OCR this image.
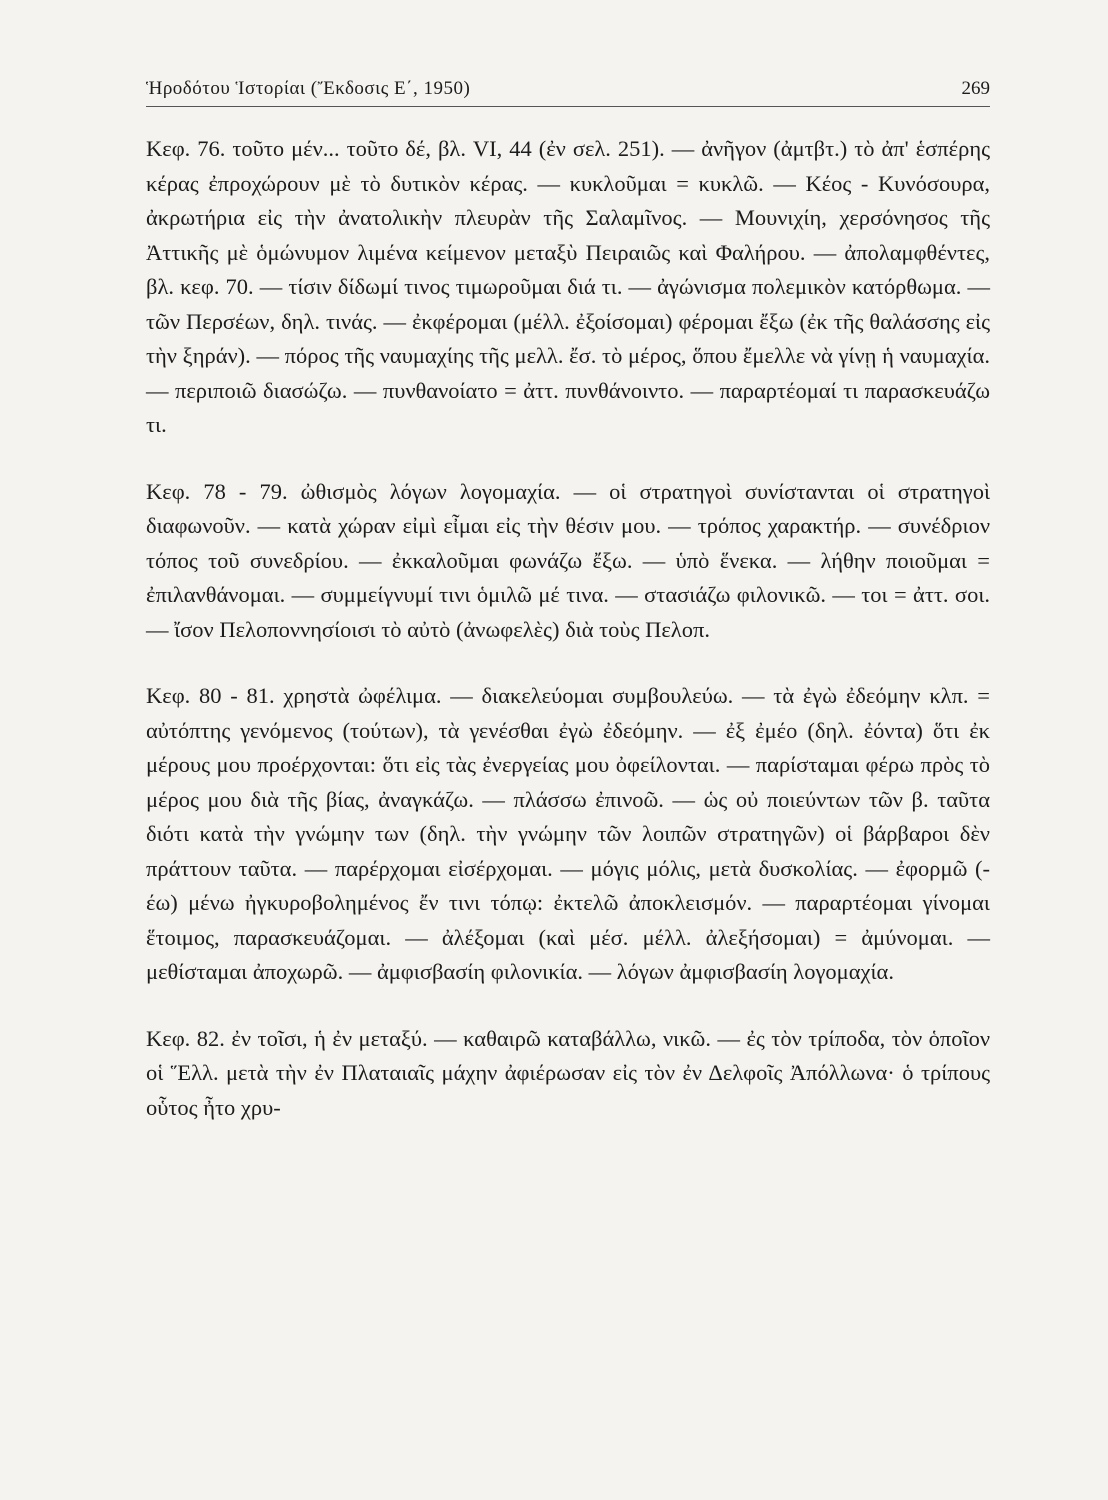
Ἡροδότου Ἱστορίαι (Ἔκδοσις Ε΄, 1950)	269

Κεφ. 76. τοῦτο μέν... τοῦτο δέ, βλ. VI, 44 (ἐν σελ. 251). — ἀνῆγον (ἀμτβτ.) τὸ ἀπ' ἑσπέρης κέρας ἐπροχώρουν μὲ τὸ δυτικὸν κέρας. — κυκλοῦμαι = κυκλῶ. — Κέος - Κυνόσουρα, ἀκρωτήρια εἰς τὴν ἀνατολικὴν πλευρὰν τῆς Σαλαμῖνος. — Μουνιχίη, χερσόνησος τῆς Ἀττικῆς μὲ ὁμώνυμον λιμένα κείμενον μεταξὺ Πειραιῶς καὶ Φαλήρου. — ἀπολαμφθέντες, βλ. κεφ. 70. — τίσιν δίδωμί τινος τιμωροῦμαι διά τι. — ἀγώνισμα πολεμικὸν κατόρθωμα. — τῶν Περσέων, δηλ. τινάς. — ἐκφέρομαι (μέλλ. ἐξοίσομαι) φέρομαι ἔξω (ἐκ τῆς θαλάσσης εἰς τὴν ξηράν). — πόρος τῆς ναυμαχίης τῆς μελλ. ἔσ. τὸ μέρος, ὅπου ἔμελλε νὰ γίνῃ ἡ ναυμαχία. — περιποιῶ διασώζω. — πυνθανοίατο = ἀττ. πυνθάνοιντο. — παραρτέομαί τι παρασκευάζω τι.

Κεφ. 78 - 79. ὠθισμὸς λόγων λογομαχία. — οἱ στρατηγοὶ συνίστανται οἱ στρατηγοὶ διαφωνοῦν. — κατὰ χώραν εἰμὶ εἶμαι εἰς τὴν θέσιν μου. — τρόπος χαρακτήρ. — συνέδριον τόπος τοῦ συνεδρίου. — ἐκκαλοῦμαι φωνάζω ἔξω. — ὑπὸ ἕνεκα. — λήθην ποιοῦμαι = ἐπιλανθάνομαι. — συμμείγνυμί τινι ὁμιλῶ μέ τινα. — στασιάζω φιλονικῶ. — τοι = ἀττ. σοι. — ἴσον Πελοποννησίοισι τὸ αὐτὸ (ἀνωφελὲς) διὰ τοὺς Πελοπ.

Κεφ. 80 - 81. χρηστὰ ὠφέλιμα. — διακελεύομαι συμβουλεύω. — τὰ ἐγὼ ἐδεόμην κλπ. = αὐτόπτης γενόμενος (τούτων), τὰ γενέσθαι ἐγὼ ἐδεόμην. — ἐξ ἐμέο (δηλ. ἐόντα) ὅτι ἐκ μέρους μου προέρχονται: ὅτι εἰς τὰς ἐνεργείας μου ὀφείλονται. — παρίσταμαι φέρω πρὸς τὸ μέρος μου διὰ τῆς βίας, ἀναγκάζω. — πλάσσω ἐπινοῶ. — ὡς οὐ ποιεύντων τῶν β. ταῦτα διότι κατὰ τὴν γνώμην των (δηλ. τὴν γνώμην τῶν λοιπῶν στρατηγῶν) οἱ βάρβαροι δὲν πράττουν ταῦτα. — παρέρχομαι εἰσέρχομαι. — μόγις μόλις, μετὰ δυσκολίας. — ἐφορμῶ (-έω) μένω ἠγκυροβολημένος ἔν τινι τόπῳ: ἐκτελῶ ἀποκλεισμόν. — παραρτέομαι γίνομαι ἕτοιμος, παρασκευάζομαι. — ἀλέξομαι (καὶ μέσ. μέλλ. ἀλεξήσομαι) = ἀμύνομαι. — μεθίσταμαι ἀποχωρῶ. — ἀμφισβασίη φιλονικία. — λόγων ἀμφισβασίη λογομαχία.

Κεφ. 82. ἐν τοῖσι, ἡ ἐν μεταξύ. — καθαιρῶ καταβάλλω, νικῶ. — ἐς τὸν τρίποδα, τὸν ὁποῖον οἱ Ἕλλ. μετὰ τὴν ἐν Πλαταιαῖς μάχην ἀφιέρωσαν εἰς τὸν ἐν Δελφοῖς Ἀπόλλωνα· ὁ τρίπους οὗτος ἦτο χρυ-
